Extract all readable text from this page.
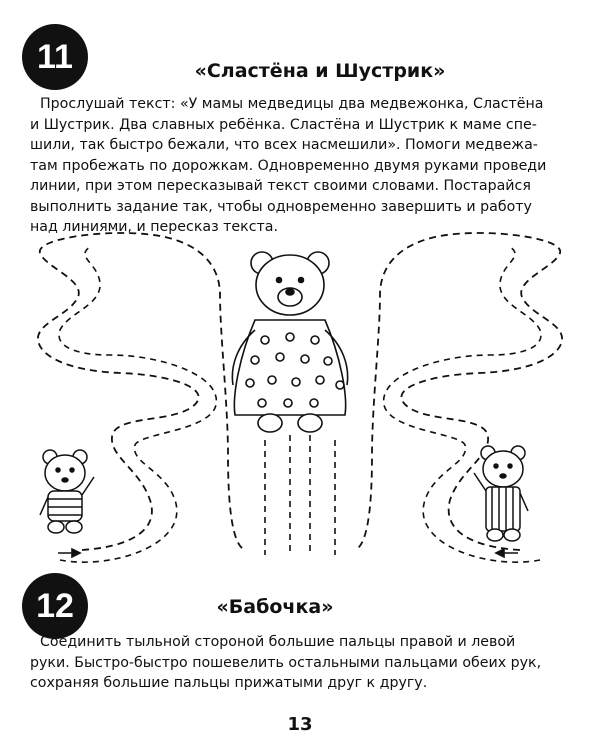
11	«Сластёна и Шустрик»

Прослушай текст: «У мамы медведицы два медвежонка, Сластёна

и Шустрик. Два славных ребёнка. Сластёна и Шустрик к маме спе-

шили, так быстро бежали, что всех насмешили». Помоги медвежа-

там пробежать по дорожкам. Одновременно двумя руками проведи

линии, при этом пересказывай текст своими словами. Постарайся

выполнить задание так, чтобы одновременно завершить и работу

над линиями, и пересказ текста.

12	«Бабочка»

Соединить тыльной стороной большие пальцы правой и левой

руки. Быстро-быстро пошевелить остальными пальцами обеих рук,

сохраняя большие пальцы прижатыми друг к другу.

13
